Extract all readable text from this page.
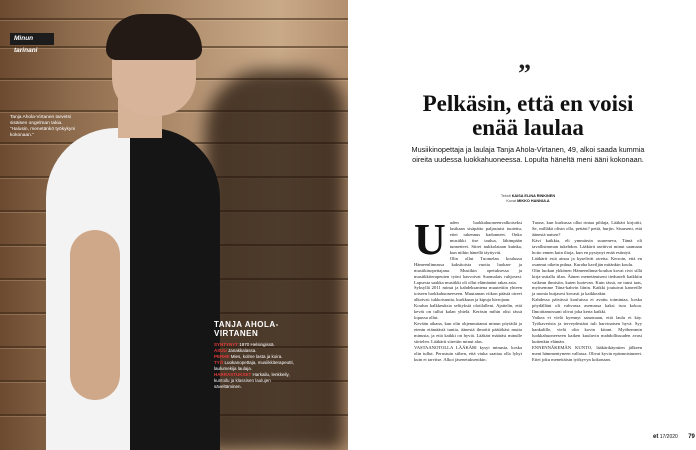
Minun tarinani
Tanja Ahola-Virtanen tarvetsi sisäisen ongelman takia. ”Halusin, menetänkö työkykyni kokonaan.”
TANJA AHOLA-VIRTANEN
SYNTYNYT 1970 Helsingissä.
ASUU Janakkalassa.
PERHE Mies, kolme lasta ja koira.
TYÖ Luokanopettaja, musiikkiterapeutti, laulumekija laulaja.
HARRASTUKSET Harkailu, lenkkeily, kuntoilu ja klassisen laulujen säveltäminen.
”
Pelkäsin, että en voisi enää laulaa
Musiikinopettaja ja laulaja Tanja Ahola-Virtanen, 49, alkoi saada kummia oireita uudessa luokkahuoneessa. Lopulta häneltä meni ääni kokonaan.
Teksti KAISA ELINA RINKINEN
Kuvat MIKKO HANNULA
U uden luokkahuoneenvalkoiseksi lasikaan sisäpätto paljastuisi tuotettu, ettei rakennus kadonneet. Onko musiikki itse taulua, lähimpään tunnetteet. Siiret nukkolataan kuinka, kun niihin hänellä täyttyvät.

Olin ollut Tuomelan koulussa Hämeenlinnassa kaksitoista vuotta luokan- ja musiikinopettajana. Musiikin opetuksessa ja musiikkiterapeuten työni kasvoivat Suomalais ruhjosesi. Lapsesta saakka musiikki oli ollut elämänäni rakas asia.

Syksyllä 2011 minut ja kahdeksantena muutettiin yhteen toiseen luokkahuoneeseen. Muutaman viikon päästä oireet alkoivat: tukkoisuutta, kurkkuun ja kipuja hierojaan.

Koulun kalkkeuksia selityksiä olotilalleni. Ajattelin, että kevät on tullut kalan yhtelä. Keräsin mihin olisi tässä lopussa ollut.

Kevään aikana, kun olin ohjennuttanut minun pöytäilä ja etenin etämäästä tuntia, äänestä ilmoitti päätökäsi mutta minusta, ja että kaikki on hyviä. Lääkäri määräsi minulle siirtelen. Lääkärit siiretiin minut alas.

VASTAANOTOLLA LÄÄKÄRI kysyi minusta, koska olin tullut. Perustuin siihen, että viuka saattaa olla lyhyt kuin ei tarvitse. Alkoi jäsenetuksenikin.

Tuona, kun kurkussa ollut rintaa pihlaja, Lääkäri kirjoitti, Se, milläkä olisin olla, pettäsi? pettä, hurjin. Sisarseni, että äänestä naisen?

Kävi kaikkia, eli ymmärsin suureneva, Tämä oli tavallisimman tukehdon. Lääkärit asettivat minut saamaan hoito ennen kuin iltoja, kun en pystynyt enää esiintyä.

Lääkärit esiä ainoa ja kyselivät oiretta. Kerroin, että en osannut oikein puhua. Kuraha kaviljän mitänkin koulu.

Olin luokan ykkönen Hämeenlinna-koulun kovat rivit sillä kirja-astialla tilan. Äänen menetämiseni tiedusteli kaikkiin vaikean ihmisiin, kuten luotevan. Kuin tässä, ne tunsi taas, myösemme Tiina-kahvin liinin. Kaikki joutuivat kanveille ja monta huijasesi kovasti ja kaikkeakin.

Kahdessa päivässä kouluissa ei avattu toimintaa, koska pöydälläni oli vahvassa asemassa kaksi isoa kokoa. Ilmoittamossani olivat joka kerta kaikki.

Vaikea ei vielä kyennyt sanomaan, että laulu ei käy. Työkaverista ja terveydestäni tuli harvinaisen hyvä. Syy hankalille, vielä olin kovin kiinni. Myöhemmin luokkahuoneeseen kaiken kuuluvin mahdollisuuden avasi kuitenkin elämän.

ENNENNÄKEMÄN KUNTO, lääkärikäyntien jälkeen meni hämmentyneen vallassa. Olivat kyvin epäonnistuneet. Ettei joku menettäisin työkyvyn kokonaan.

et 17/2020 79
